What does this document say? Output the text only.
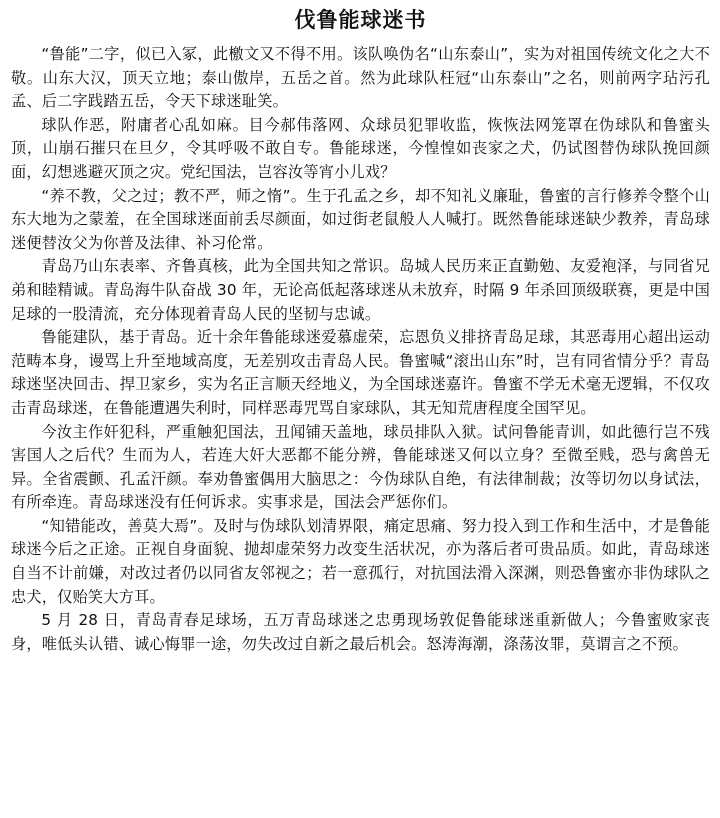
伐鲁能球迷书

“鲁能”二字，似已入冢，此檄文又不得不用。该队唤伪名“山东泰山”，实为对祖国传统文化之大不敬。山东大汉，顶天立地；泰山傲岸，五岳之首。然为此球队枉冠“山东泰山”之名，则前两字玷污孔孟、后二字践踏五岳，令天下球迷耻笑。

球队作恶，附庸者心乱如麻。目今郝伟落网、众球员犯罪收监，恢恢法网笼罩在伪球队和鲁蜜头顶，山崩石摧只在旦夕，令其呼吸不敢自专。鲁能球迷，今惶惶如丧家之犬，仍试图替伪球队挽回颜面，幻想逃避灭顶之灾。党纪国法，岂容汝等宵小儿戏？

“养不教，父之过；教不严，师之惰”。生于孔孟之乡，却不知礼义廉耻，鲁蜜的言行修养令整个山东大地为之蒙羞，在全国球迷面前丢尽颜面，如过街老鼠般人人喊打。既然鲁能球迷缺少教养，青岛球迷便替汝父为你普及法律、补习伦常。

青岛乃山东表率、齐鲁真核，此为全国共知之常识。岛城人民历来正直勤勉、友爱袍泽，与同省兄弟和睦精诚。青岛海牛队奋战 30 年，无论高低起落球迷从未放弃，时隔 9 年杀回顶级联赛，更是中国足球的一股清流，充分体现着青岛人民的坚韧与忠诚。

鲁能建队，基于青岛。近十余年鲁能球迷爱慕虚荣，忘恩负义排挤青岛足球，其恶毒用心超出运动范畴本身，谩骂上升至地域高度，无差别攻击青岛人民。鲁蜜喊“滚出山东”时，岂有同省情分乎？青岛球迷坚决回击、捍卫家乡，实为名正言顺天经地义，为全国球迷嘉许。鲁蜜不学无术毫无逻辑，不仅攻击青岛球迷，在鲁能遭遇失利时，同样恶毒咒骂自家球队，其无知荒唐程度全国罕见。

今汝主作奸犯科，严重触犯国法，丑闻铺天盖地，球员排队入狱。试问鲁能青训，如此德行岂不残害国人之后代？生而为人，若连大奸大恶都不能分辨，鲁能球迷又何以立身？至微至贱，恐与禽兽无异。全省震颤、孔孟汗颜。奉劝鲁蜜偶用大脑思之：今伪球队自绝，有法律制裁；汝等切勿以身试法，有所牵连。青岛球迷没有任何诉求。实事求是，国法会严惩你们。

“知错能改，善莫大焉”。及时与伪球队划清界限，痛定思痛、努力投入到工作和生活中，才是鲁能球迷今后之正途。正视自身面貌、抛却虚荣努力改变生活状况，亦为落后者可贵品质。如此，青岛球迷自当不计前嫌，对改过者仍以同省友邻视之；若一意孤行，对抗国法滑入深渊，则恐鲁蜜亦非伪球队之忠犬，仅贻笑大方耳。

5 月 28 日，青岛青春足球场，五万青岛球迷之忠勇现场敦促鲁能球迷重新做人；今鲁蜜败家丧身，唯低头认错、诚心悔罪一途，勿失改过自新之最后机会。怒涛海潮，涤荡汝罪，莫谓言之不预。
